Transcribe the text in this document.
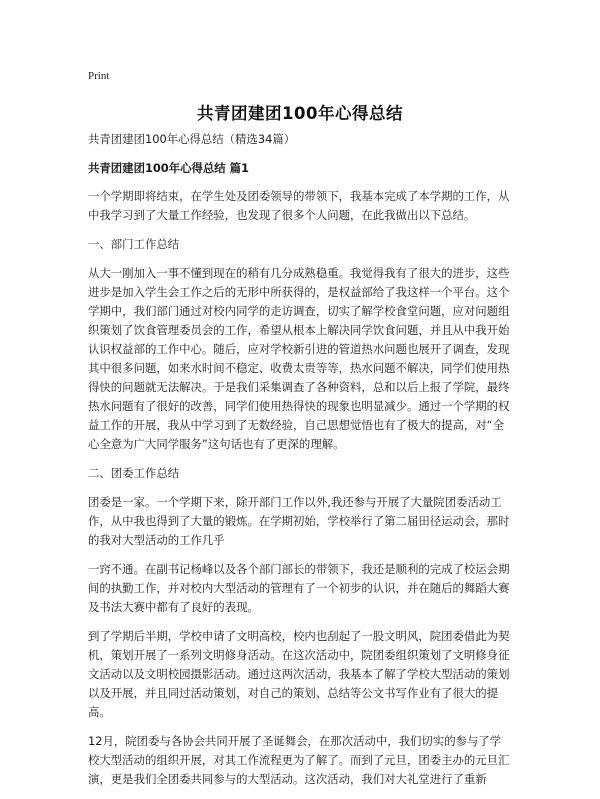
Print
共青团建团100年心得总结

共青团建团100年心得总结（精选34篇）

共青团建团100年心得总结 篇1

一个学期即将结束，在学生处及团委领导的带领下，我基本完成了本学期的工作，从中我学习到了大量工作经验，也发现了很多个人问题，在此我做出以下总结。

一、部门工作总结

从大一刚加入一事不懂到现在的稍有几分成熟稳重。我觉得我有了很大的进步，这些进步是加入学生会工作之后的无形中所获得的，是权益部给了我这样一个平台。这个学期中，我们部门通过对校内同学的走访调查，切实了解学校食堂问题，应对问题组织策划了饮食管理委员会的工作，希望从根本上解决同学饮食问题，并且从中我开始认识权益部的工作中心。随后，应对学校新引进的管道热水问题也展开了调查，发现其中很多问题，如来水时间不稳定、收费太贵等等，热水问题不解决，同学们使用热得快的问题就无法解决。于是我们采集调查了各种资料，总和以后上报了学院，最终热水问题有了很好的改善，同学们使用热得快的现象也明显减少。通过一个学期的权益工作的开展，我从中学习到了无数经验，自己思想觉悟也有了极大的提高，对“全心全意为广大同学服务”这句话也有了更深的理解。

二、团委工作总结

团委是一家。一个学期下来，除开部门工作以外,我还参与开展了大量院团委活动工作，从中我也得到了大量的锻炼。在学期初始，学校举行了第二届田径运动会，那时的我对大型活动的工作几乎

一窍不通。在副书记杨峰以及各个部门部长的带领下，我还是顺利的完成了校运会期间的执勤工作，并对校内大型活动的管理有了一个初步的认识，并在随后的舞蹈大赛及书法大赛中都有了良好的表现。

到了学期后半期，学校申请了文明高校，校内也刮起了一股文明风，院团委借此为契机，策划开展了一系列文明修身活动。在这次活动中，院团委组织策划了文明修身征文活动以及文明校园摄影活动。通过这两次活动，我基本了解了学校大型活动的策划以及开展，并且同过活动策划，对自己的策划、总结等公文书写作业有了很大的提高。

12月，院团委与各协会共同开展了圣诞舞会，在那次活动中，我们切实的参与了学校大型活动的组织开展，对其工作流程更为了解了。而到了元旦，团委主办的元旦汇演，更是我们全团委共同参与的大型活动。这次活动，我们对大礼堂进行了重新
